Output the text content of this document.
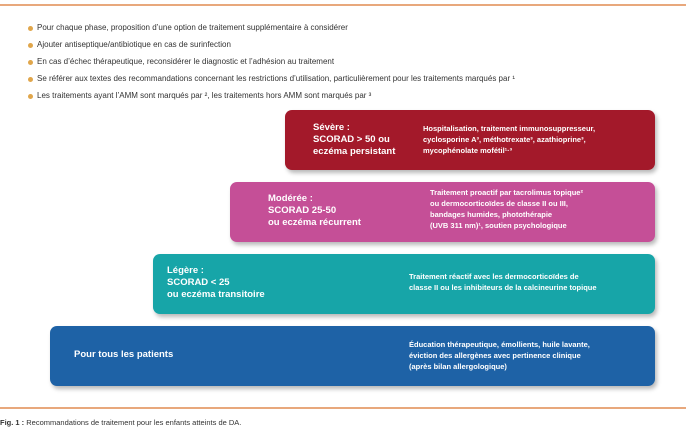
Pour chaque phase, proposition d’une option de traitement supplémentaire à considérer
Ajouter antiseptique/antibiotique en cas de surinfection
En cas d’échec thérapeutique, reconsidérer le diagnostic et l’adhésion au traitement
Se référer aux textes des recommandations concernant les restrictions d’utilisation, particulièrement pour les traitements marqués par ¹
Les traitements ayant l’AMM sont marqués par ², les traitements hors AMM sont marqués par ³
Sévère :
SCORAD > 50 ou
eczéma persistant
Hospitalisation, traitement immunosuppresseur,
cyclosporine A³, méthotrexate³, azathioprine³,
mycophénolate mofétil¹·³
Modérée :
SCORAD 25-50
ou eczéma récurrent
Traitement proactif par tacrolimus topique²
ou dermocorticoïdes de classe II ou III,
bandages humides, photothérapie
(UVB 311 nm)¹, soutien psychologique
Légère :
SCORAD < 25
ou eczéma transitoire
Traitement réactif avec les dermocorticoïdes de
classe II ou les inhibiteurs de la calcineurine topique
Pour tous les patients
Éducation thérapeutique, émollients, huile lavante,
éviction des allergènes avec pertinence clinique
(après bilan allergologique)
Fig. 1 : Recommandations de traitement pour les enfants atteints de DA.
